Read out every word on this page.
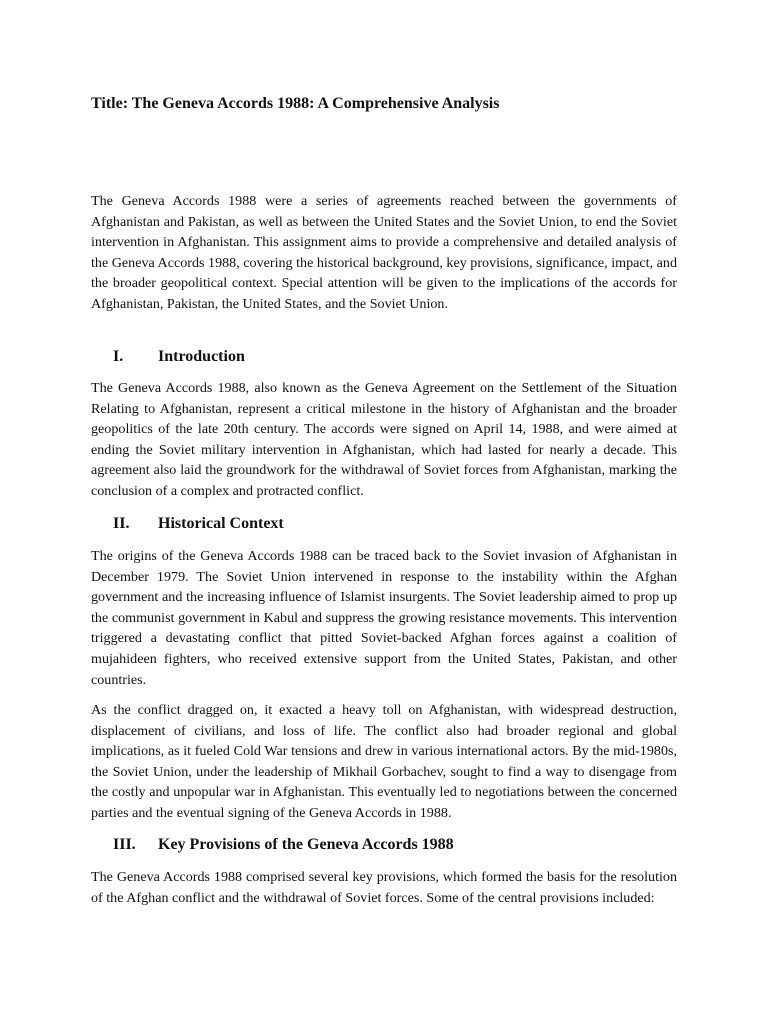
Title: The Geneva Accords 1988: A Comprehensive Analysis

The Geneva Accords 1988 were a series of agreements reached between the governments of Afghanistan and Pakistan, as well as between the United States and the Soviet Union, to end the Soviet intervention in Afghanistan. This assignment aims to provide a comprehensive and detailed analysis of the Geneva Accords 1988, covering the historical background, key provisions, significance, impact, and the broader geopolitical context. Special attention will be given to the implications of the accords for Afghanistan, Pakistan, the United States, and the Soviet Union.

I.	Introduction

The Geneva Accords 1988, also known as the Geneva Agreement on the Settlement of the Situation Relating to Afghanistan, represent a critical milestone in the history of Afghanistan and the broader geopolitics of the late 20th century. The accords were signed on April 14, 1988, and were aimed at ending the Soviet military intervention in Afghanistan, which had lasted for nearly a decade. This agreement also laid the groundwork for the withdrawal of Soviet forces from Afghanistan, marking the conclusion of a complex and protracted conflict.

II.	Historical Context

The origins of the Geneva Accords 1988 can be traced back to the Soviet invasion of Afghanistan in December 1979. The Soviet Union intervened in response to the instability within the Afghan government and the increasing influence of Islamist insurgents. The Soviet leadership aimed to prop up the communist government in Kabul and suppress the growing resistance movements. This intervention triggered a devastating conflict that pitted Soviet-backed Afghan forces against a coalition of mujahideen fighters, who received extensive support from the United States, Pakistan, and other countries.

As the conflict dragged on, it exacted a heavy toll on Afghanistan, with widespread destruction, displacement of civilians, and loss of life. The conflict also had broader regional and global implications, as it fueled Cold War tensions and drew in various international actors. By the mid-1980s, the Soviet Union, under the leadership of Mikhail Gorbachev, sought to find a way to disengage from the costly and unpopular war in Afghanistan. This eventually led to negotiations between the concerned parties and the eventual signing of the Geneva Accords in 1988.

III.	Key Provisions of the Geneva Accords 1988

The Geneva Accords 1988 comprised several key provisions, which formed the basis for the resolution of the Afghan conflict and the withdrawal of Soviet forces. Some of the central provisions included:
